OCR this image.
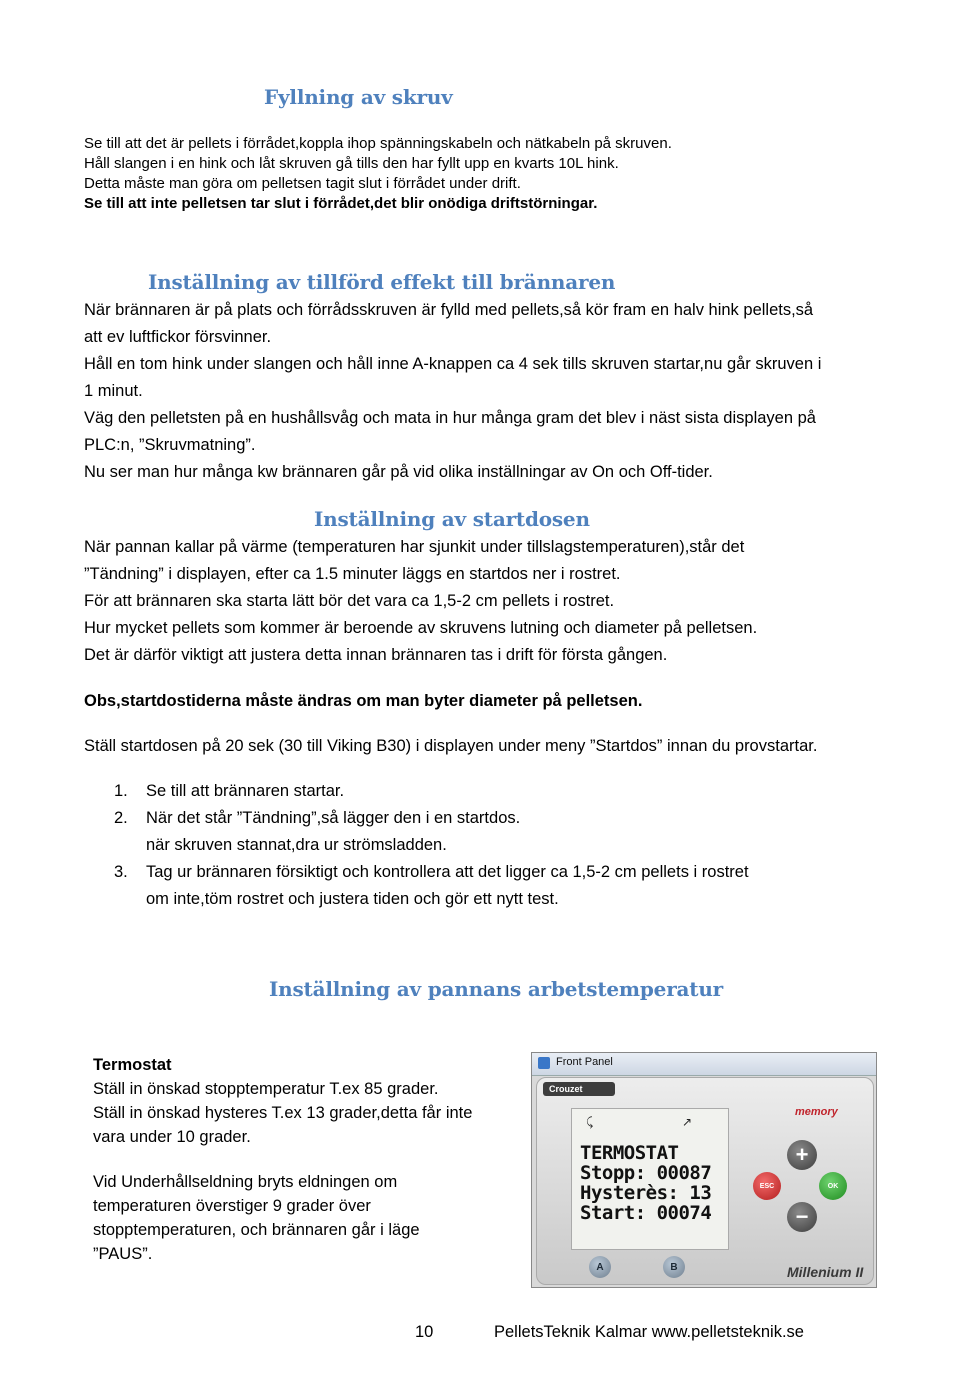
Fyllning av skruv
Se till att det är pellets i förrådet,koppla ihop spänningskabeln och nätkabeln på skruven.
Håll slangen i en hink och låt skruven gå tills den har fyllt upp en kvarts 10L hink.
Detta måste man göra om pelletsen tagit slut i förrådet under drift.
Se till att inte pelletsen tar slut i förrådet,det blir onödiga driftstörningar.
Inställning av tillförd effekt till brännaren
När brännaren är på plats och förrådsskruven är fylld med pellets,så kör fram en halv hink pellets,så
att ev luftfickor försvinner.
Håll en tom hink under slangen och håll inne A-knappen ca 4 sek tills skruven startar,nu går skruven i
1 minut.
Väg den pelletsten på en hushållsvåg och mata in hur många gram det blev i näst sista displayen på
PLC:n, ”Skruvmatning”.
Nu ser man hur många kw brännaren går på vid olika inställningar av On och Off-tider.
Inställning av startdosen
När pannan kallar på värme (temperaturen har sjunkit under tillslagstemperaturen),står det
”Tändning” i displayen, efter ca 1.5 minuter läggs en startdos ner i rostret.
För att brännaren ska starta lätt bör det vara ca 1,5-2 cm pellets i rostret.
Hur mycket pellets som kommer är beroende av skruvens lutning och diameter på pelletsen.
Det är därför viktigt att justera detta innan brännaren tas i drift för första gången.
Obs,startdostiderna måste ändras om man byter diameter på pelletsen.
Ställ startdosen på 20 sek (30 till Viking B30) i displayen under meny ”Startdos” innan du provstartar.
1. Se till att brännaren startar.
2. När det står ”Tändning”,så lägger den i en startdos.
när skruven stannat,dra ur strömsladden.
3. Tag ur brännaren försiktigt och kontrollera att det ligger ca 1,5-2 cm pellets i rostret
om inte,töm rostret och justera tiden och gör ett nytt test.
Inställning av pannans arbetstemperatur
Termostat
Ställ in önskad stopptemperatur T.ex 85 grader.
Ställ in önskad hysteres T.ex 13 grader,detta får inte
vara under 10 grader.
Vid Underhållseldning bryts eldningen om
temperaturen överstiger 9 grader över
stopptemperaturen, och brännaren går i läge
”PAUS”.
Front Panel
Crouzet
memory
⤹	↗
TERMOSTAT
Stopp: 00087
Hysterès: 13
Start: 00074
+
ESC	OK
−
A	B	Millenium II
10	PelletsTeknik Kalmar www.pelletsteknik.se
